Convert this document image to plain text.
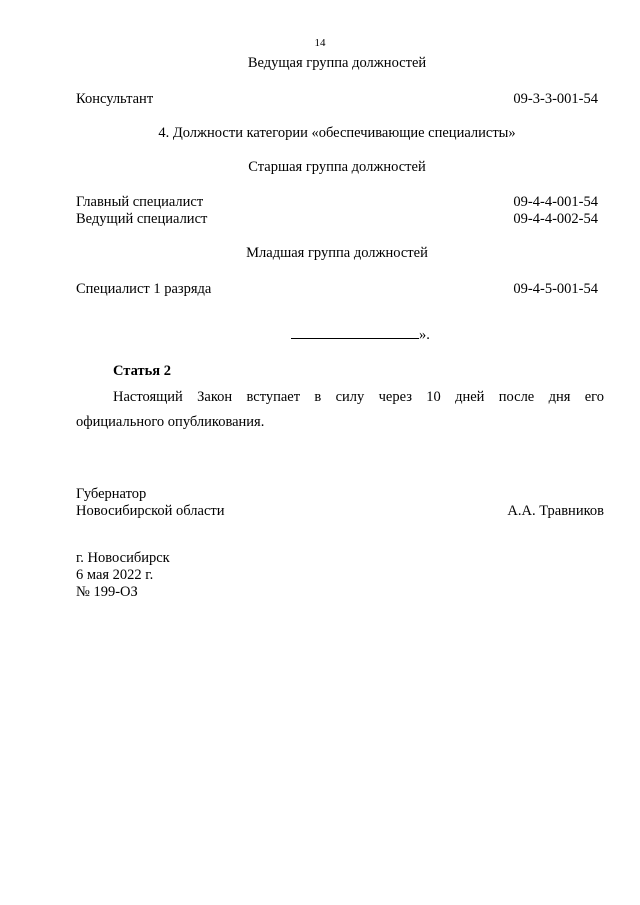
14
Ведущая группа должностей
Консультант	09-3-3-001-54
4. Должности категории «обеспечивающие специалисты»
Старшая группа должностей
Главный специалист	09-4-4-001-54
Ведущий специалист	09-4-4-002-54
Младшая группа должностей
Специалист 1 разряда	09-4-5-001-54
».
Статья 2
Настоящий Закон вступает в силу через 10 дней после дня его
официального опубликования.
Губернатор
Новосибирской области	А.А. Травников
г. Новосибирск
6 мая 2022 г.
№ 199-ОЗ
